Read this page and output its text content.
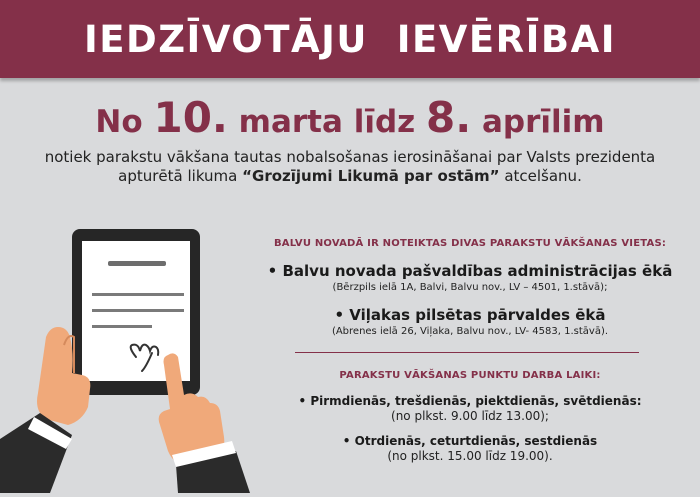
IEDZĪVOTĀJU  IEVĒRĪBAI
No 10. marta līdz 8. aprīlim
notiek parakstu vākšana tautas nobalsošanas ierosināšanai par Valsts prezidenta
apturētā likuma “Grozījumi Likumā par ostām” atcelšanu.
BALVU NOVADĀ IR NOTEIKTAS DIVAS PARAKSTU VĀKŠANAS VIETAS:
• Balvu novada pašvaldības administrācijas ēkā
(Bērzpils ielā 1A, Balvi, Balvu nov., LV – 4501, 1.stāvā);
• Viļakas pilsētas pārvaldes ēkā
(Abrenes ielā 26, Viļaka, Balvu nov., LV- 4583, 1.stāvā).
PARAKSTU VĀKŠANAS PUNKTU DARBA LAIKI:
• Pirmdienās, trešdienās, piektdienās, svētdienās:
(no plkst. 9.00 līdz 13.00);
• Otrdienās, ceturtdienās, sestdienās
(no plkst. 15.00 līdz 19.00).
